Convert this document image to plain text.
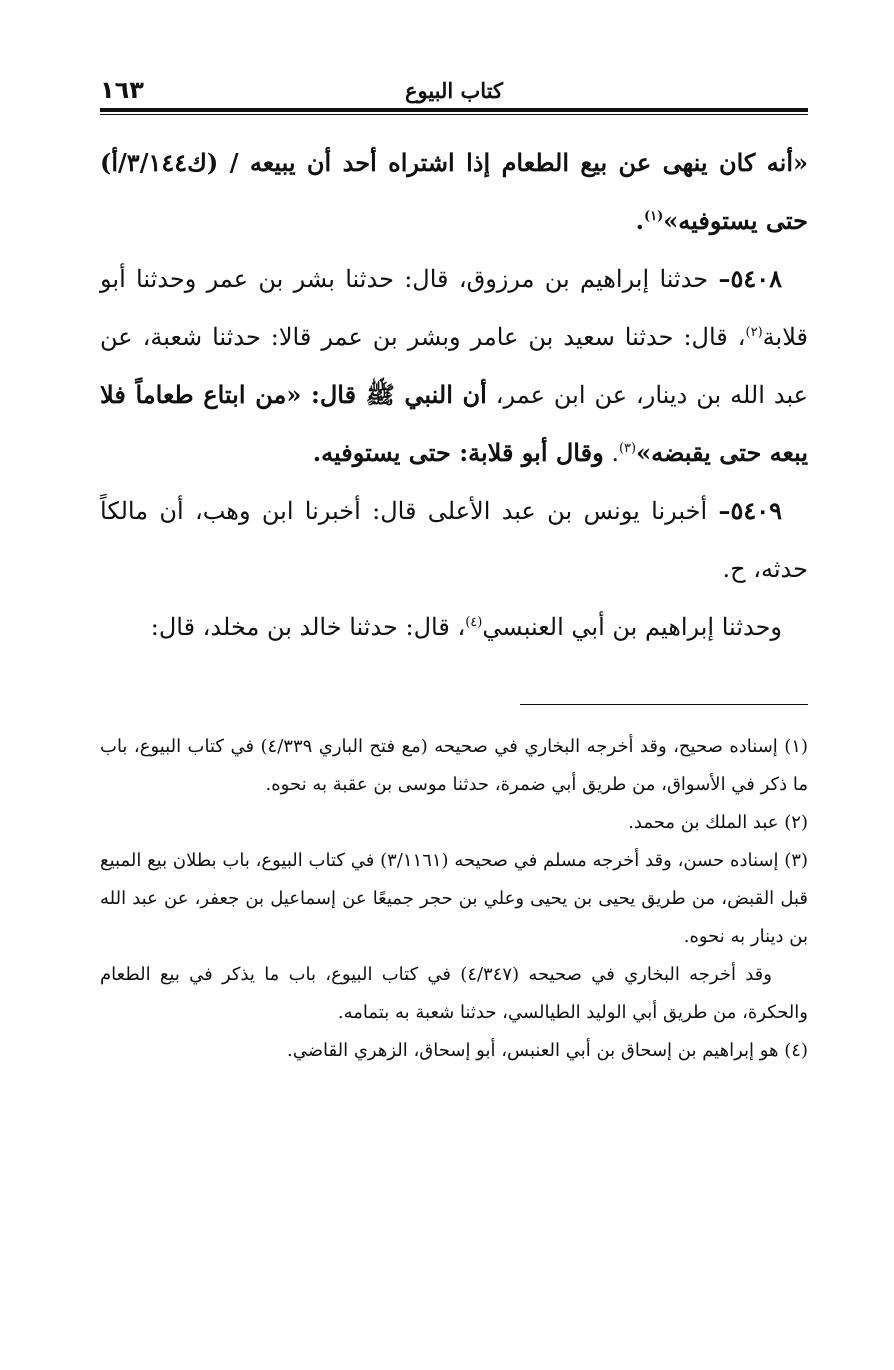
كتاب البيوع
١٦٣

«أنه كان ينهى عن بيع الطعام إذا اشتراه أحد أن يبيعه / (ك٣/١٤٤/أ) حتى يستوفيه»$^{(١)}$.

٥٤٠٨– حدثنا إبراهيم بن مرزوق، قال: حدثنا بشر بن عمر وحدثنا أبو قلابة$^{(٢)}$، قال: حدثنا سعيد بن عامر وبشر بن عمر قالا: حدثنا شعبة، عن عبد الله بن دينار، عن ابن عمر، أن النبي ﷺ قال: «من ابتاع طعاماً فلا يبعه حتى يقبضه»$^{(٣)}$. وقال أبو قلابة: حتى يستوفيه.

٥٤٠٩– أخبرنا يونس بن عبد الأعلى قال: أخبرنا ابن وهب، أن مالكاً حدثه، ح.

وحدثنا إبراهيم بن أبي العنبسي$^{(٤)}$، قال: حدثنا خالد بن مخلد، قال:

(١) إسناده صحيح، وقد أخرجه البخاري في صحيحه (مع فتح الباري ٤/٣٣٩) في كتاب البيوع، باب ما ذكر في الأسواق، من طريق أبي ضمرة، حدثنا موسى بن عقبة به نحوه.

(٢) عبد الملك بن محمد.

(٣) إسناده حسن، وقد أخرجه مسلم في صحيحه (٣/١١٦١) في كتاب البيوع، باب بطلان بيع المبيع قبل القبض، من طريق يحيى بن يحيى وعلي بن حجر جميعًا عن إسماعيل بن جعفر، عن عبد الله بن دينار به نحوه.

وقد أخرجه البخاري في صحيحه (٤/٣٤٧) في كتاب البيوع، باب ما يذكر في بيع الطعام والحكرة، من طريق أبي الوليد الطيالسي، حدثنا شعبة به بتمامه.

(٤) هو إبراهيم بن إسحاق بن أبي العنبس، أبو إسحاق، الزهري القاضي.
